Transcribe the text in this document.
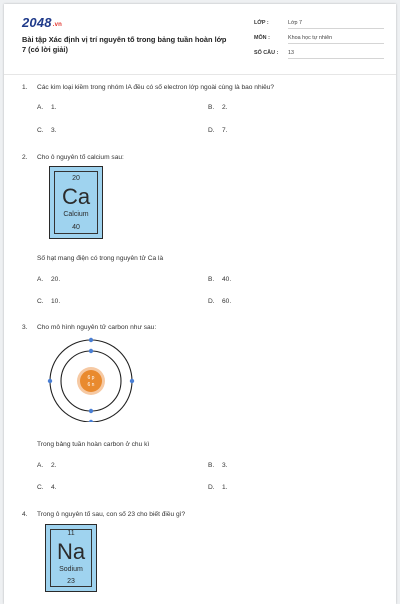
2048.vn
Bài tập Xác định vị trí nguyên tố trong bảng tuần hoàn lớp 7 (có lời giải)
LỚP :	Lớp 7
MÔN :	Khoa học tự nhiên
SỐ CÂU :	13
1.	Các kim loại kiềm trong nhóm IA đều có số electron lớp ngoài cùng là bao nhiêu?
A. 1.	B. 2.
C. 3.	D. 7.
2.	Cho ô nguyên tố calcium sau:
20
Ca
Calcium
40
Số hạt mang điện có trong nguyên tử Ca là
A. 20.	B. 40.
C. 10.	D. 60.
3.	Cho mô hình nguyên tử carbon như sau:
6 p
6 n
Trong bảng tuần hoàn carbon ở chu kì
A. 2.	B. 3.
C. 4.	D. 1.
4.	Trong ô nguyên tố sau, con số 23 cho biết điều gì?
11
Na
Sodium
23
